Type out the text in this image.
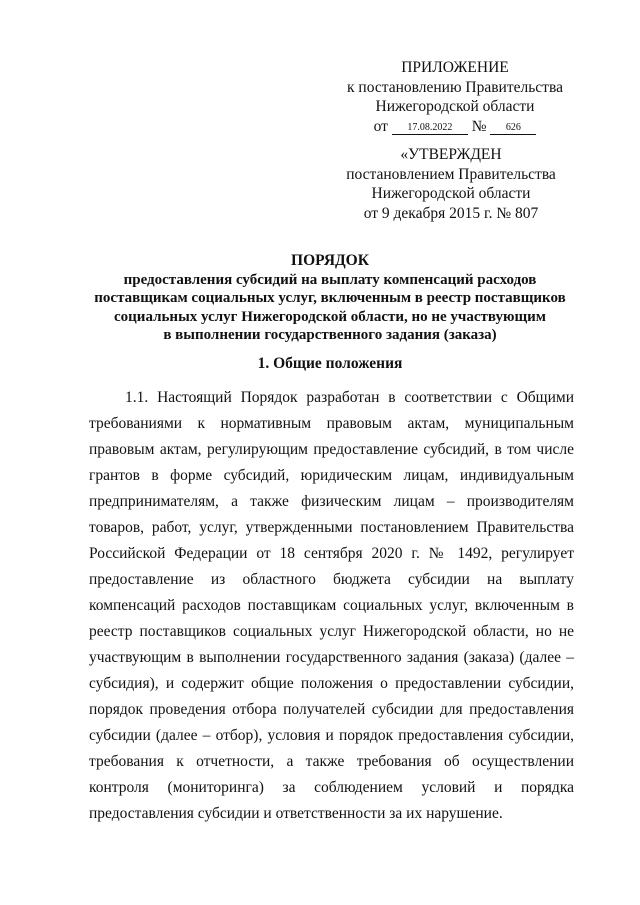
ПРИЛОЖЕНИЕ
к постановлению Правительства
Нижегородской области
от 17.08.2022 № 626
«УТВЕРЖДЕН
постановлением Правительства
Нижегородской области
от 9 декабря 2015 г. № 807
ПОРЯДОК
предоставления субсидий на выплату компенсаций расходов
поставщикам социальных услуг, включенным в реестр поставщиков
социальных услуг Нижегородской области, но не участвующим
в выполнении государственного задания (заказа)
1. Общие положения

1.1. Настоящий Порядок разработан в соответствии с Общими требованиями к нормативным правовым актам, муниципальным правовым актам, регулирующим предоставление субсидий, в том числе грантов в форме субсидий, юридическим лицам, индивидуальным предпринимателям, а также физическим лицам – производителям товаров, работ, услуг, утвержденными постановлением Правительства Российской Федерации от 18 сентября 2020 г. № 1492, регулирует предоставление из областного бюджета субсидии на выплату компенсаций расходов поставщикам социальных услуг, включенным в реестр поставщиков социальных услуг Нижегородской области, но не участвующим в выполнении государственного задания (заказа) (далее – субсидия), и содержит общие положения о предоставлении субсидии, порядок проведения отбора получателей субсидии для предоставления субсидии (далее – отбор), условия и порядок предоставления субсидии, требования к отчетности, а также требования об осуществлении контроля (мониторинга) за соблюдением условий и порядка предоставления субсидии и ответственности за их нарушение.
